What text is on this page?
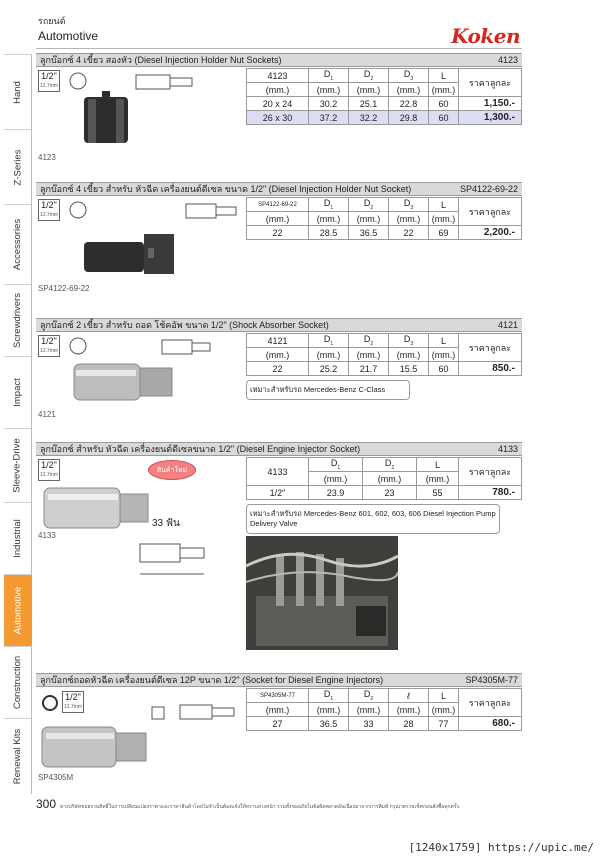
รถยนต์
Automotive	Koken
Hand
Z-Series
Accessories
Screwdrivers
Impact
Sleeve-Drive
Industrial
Automotive
Construction
Renewal Kits
ลูกบ๊อกซ์ 4 เขี้ยว สองหัว (Diesel Injection Holder Nut Sockets)	4123
1/2"
12.7mm
4123
4123	$D_1$	$D_2$	$D_3$	L	ราคาลูกละ
(mm.)	(mm.)	(mm.)	(mm.)	(mm.)	
20 x 24	30.2	25.1	22.8	60	1,150.-
26 x 30	37.2	32.2	29.8	60	1,300.-
ลูกบ๊อกซ์ 4 เขี้ยว สำหรับ หัวฉีด เครื่องยนต์ดีเซล ขนาด 1/2" (Diesel Injection Holder Nut Socket)	SP4122-69-22
1/2"
12.7mm
SP4122-69-22
SP4122-69-22	$D_1$	$D_2$	$D_3$	L	ราคาลูกละ
(mm.)	(mm.)	(mm.)	(mm.)	(mm.)	
22	28.5	36.5	22	69	2,200.-
ลูกบ๊อกซ์ 2 เขี้ยว สำหรับ ถอด โช้คอัพ ขนาด 1/2" (Shock Absorber Socket)	4121
1/2"
12.7mm
4121
4121	$D_1$	$D_2$	$D_3$	L	ราคาลูกละ
(mm.)	(mm.)	(mm.)	(mm.)	(mm.)	
22	25.2	21.7	15.5	60	850.-
เหมาะสำหรับรถ Mercedes-Benz C-Class
ลูกบ๊อกซ์ สำหรับ หัวฉีด เครื่องยนต์ดีเซลขนาด 1/2" (Diesel Engine Injector Socket)	4133
1/2"
12.7mm
สินค้าใหม่
33 ฟัน
4133
4133	$D_1$	$D_2$	L	ราคาลูกละ
	(mm.)	(mm.)	(mm.)	
1/2"	23.9	23	55	780.-
เหมาะสำหรับรถ Mercedes-Benz 601, 602, 603, 606 Diesel Injection Pump Delivery Valve
ลูกบ๊อกซ์ถอดหัวฉีด เครื่องยนต์ดีเซล 12P ขนาด 1/2" (Socket for Diesel Engine Injectors)	SP4305M-77
1/2"
12.7mm
SP4305M
SP4305M-77	$D_1$	$D_2$	ℓ	L	ราคาลูกละ
(mm.)	(mm.)	(mm.)	(mm.)	(mm.)	
27	36.5	33	28	77	680.-
300 ทางบริษัทขอสงวนสิทธิ์ในการเปลี่ยนแปลงราคาและราคาสินค้าโดยไม่จำเป็นต้องแจ้งให้ทราบล่วงหน้า รวมทั้งขออภัยในข้อผิดพลาดอันเนื่องมาจากการพิมพ์ กรุณาตรวจเช็คก่อนสั่งซื้อทุกครั้ง
[1240x1759] https://upic.me/
